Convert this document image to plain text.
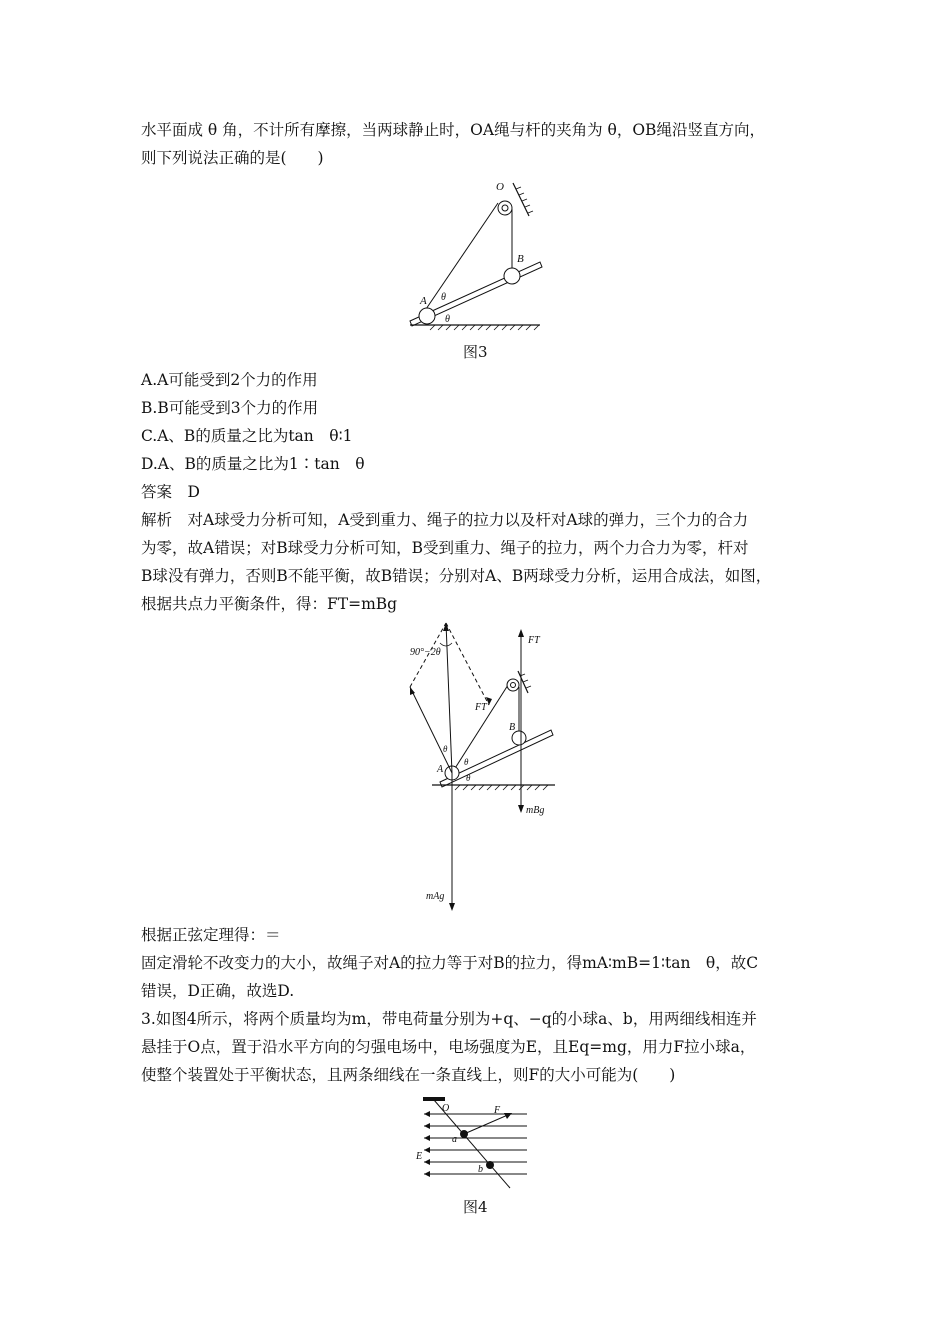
水平面成 θ 角，不计所有摩擦，当两球静止时，OA绳与杆的夹角为 θ，OB绳沿竖直方向，
则下列说法正确的是(　　)
O
B
A θ
θ
图3
A.A可能受到2个力的作用
B.B可能受到3个力的作用
C.A、B的质量之比为tan　θ∶1
D.A、B的质量之比为1∶tan　θ
答案　D
解析　对A球受力分析可知，A受到重力、绳子的拉力以及杆对A球的弹力，三个力的合力
为零，故A错误；对B球受力分析可知，B受到重力、绳子的拉力，两个力合力为零，杆对
B球没有弹力，否则B不能平衡，故B错误；分别对A、B两球受力分析，运用合成法，如图，
根据共点力平衡条件，得：FT=mBg
90°−2θ
FT
FT
A
B
θ
θ
θ
mBg
mAg
根据正弦定理得：＝
固定滑轮不改变力的大小，故绳子对A的拉力等于对B的拉力，得mA∶mB=1∶tan　θ，故C
错误，D正确，故选D.
3.如图4所示，将两个质量均为m，带电荷量分别为+q、−q的小球a、b，用两细线相连并
悬挂于O点，置于沿水平方向的匀强电场中，电场强度为E，且Eq=mg，用力F拉小球a，
使整个装置处于平衡状态，且两条细线在一条直线上，则F的大小可能为(　　)
O	F
a
E
b
图4
